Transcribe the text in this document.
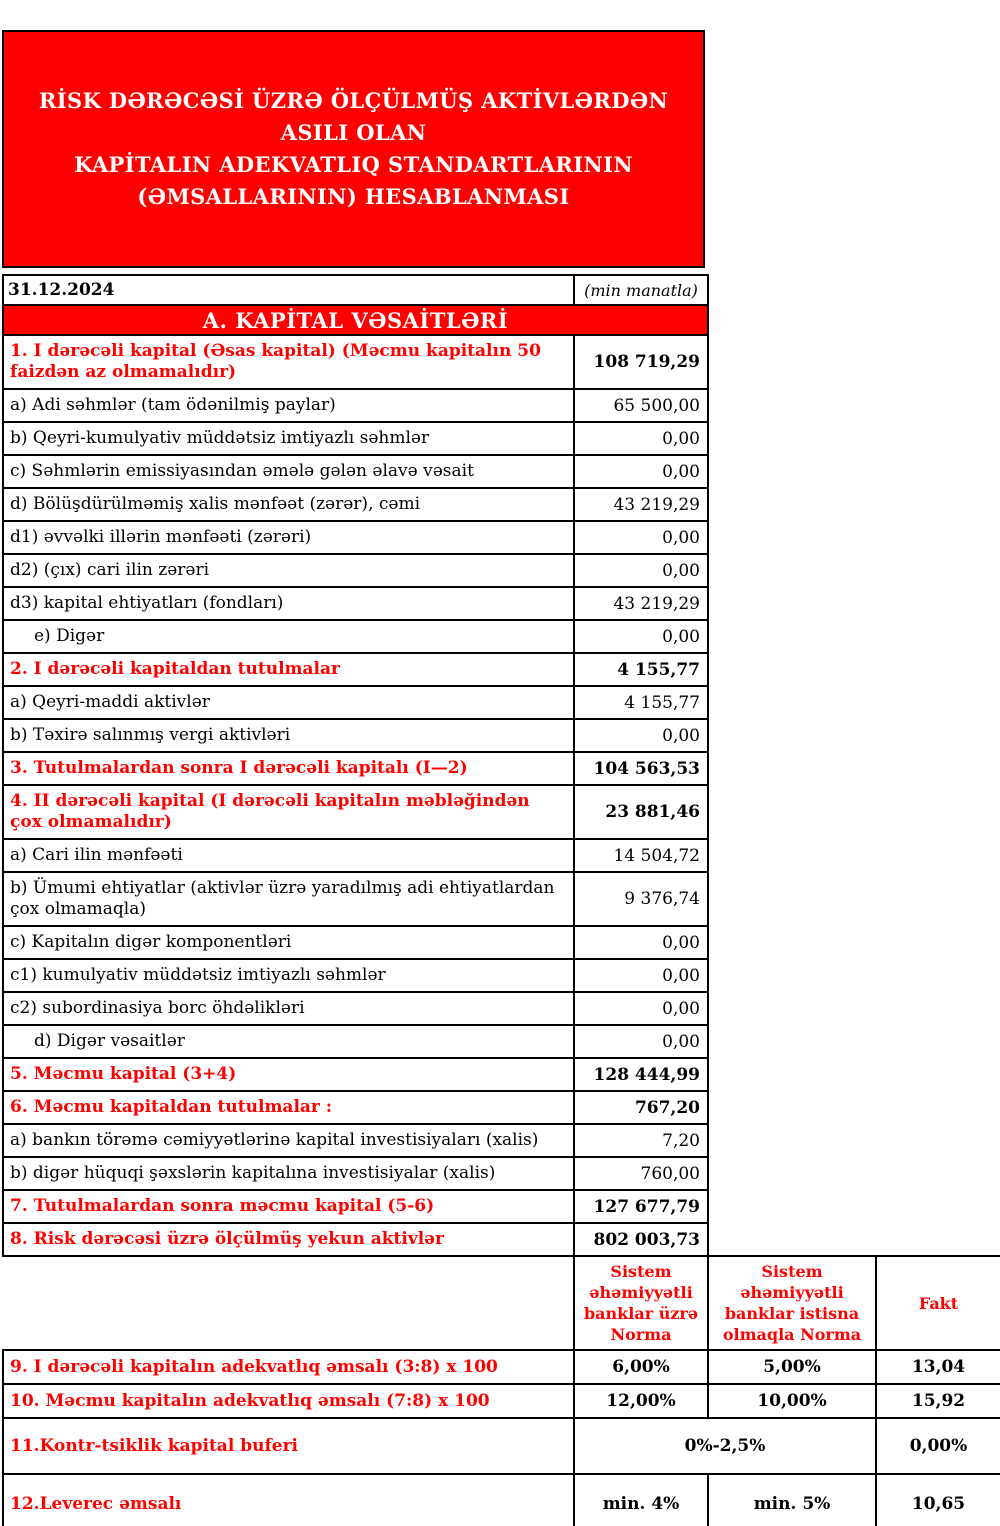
RİSK DƏRƏCƏSİ ÜZRƏ ÖLÇÜLMÜŞ AKTİVLƏRDƏN ASILI OLAN
KAPİTALIN ADEKVATLIQ STANDARTLARININ
(ƏMSALLARININ) HESABLANMASI
31.12.2024	(min manatla)
A. KAPİTAL VƏSAİTLƏRİ	
1. I dərəcəli kapital (Əsas kapital) (Məcmu kapitalın 50 faizdən az olmamalıdır)	108 719,29
a) Adi səhmlər (tam ödənilmiş paylar)	65 500,00
b) Qeyri-kumulyativ müddətsiz imtiyazlı səhmlər	0,00
c) Səhmlərin emissiyasından əmələ gələn əlavə vəsait	0,00
d) Bölüşdürülməmiş xalis mənfəət (zərər), cəmi	43 219,29
d1) əvvəlki illərin mənfəəti (zərəri)	0,00
d2) (çıx) cari ilin zərəri	0,00
d3) kapital ehtiyatları (fondları)	43 219,29
e) Digər	0,00
2. I dərəcəli kapitaldan tutulmalar	4 155,77
a) Qeyri-maddi aktivlər	4 155,77
b) Təxirə salınmış vergi aktivləri	0,00
3. Tutulmalardan sonra I dərəcəli kapitalı (I—2)	104 563,53
4. II dərəcəli kapital (I dərəcəli kapitalın məbləğindən çox olmamalıdır)	23 881,46
a) Cari ilin mənfəəti	14 504,72
b) Ümumi ehtiyatlar (aktivlər üzrə yaradılmış adi ehtiyatlardan çox olmamaqla)	9 376,74
c) Kapitalın digər komponentləri	0,00
c1) kumulyativ müddətsiz imtiyazlı səhmlər	0,00
c2) subordinasiya borc öhdəlikləri	0,00
d) Digər vəsaitlər	0,00
5. Məcmu kapital (3+4)	128 444,99
6. Məcmu kapitaldan tutulmalar :	767,20
a) bankın törəmə cəmiyyətlərinə kapital investisiyaları (xalis)	7,20
b) digər hüquqi şəxslərin kapitalına investisiyalar (xalis)	760,00
7. Tutulmalardan sonra məcmu kapital (5-6)	127 677,79
8. Risk dərəcəsi üzrə ölçülmüş yekun aktivlər	802 003,73
	Sistem əhəmiyyətli banklar üzrə Norma	Sistem əhəmiyyətli banklar istisna olmaqla Norma	Fakt
9. I dərəcəli kapitalın adekvatlıq əmsalı (3:8) x 100	6,00%	5,00%	13,04
10. Məcmu kapitalın adekvatlıq əmsalı (7:8) x 100	12,00%	10,00%	15,92
11.Kontr-tsiklik kapital buferi	0%-2,5%		0,00%
12.Leverec əmsalı	min. 4%	min. 5%	10,65
